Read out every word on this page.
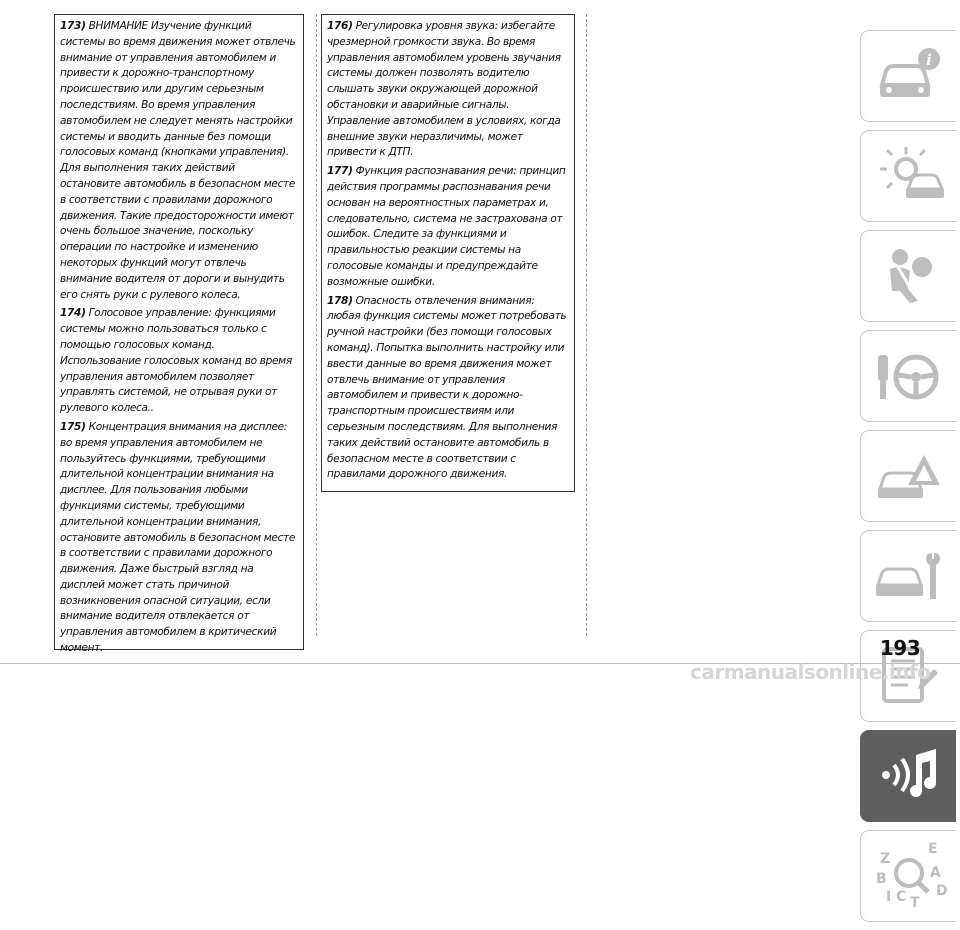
173) ВНИМАНИЕ Изучение функций системы во время движения может отвлечь внимание от управления автомобилем и привести к дорожно-транспортному происшествию или другим серьезным последствиям. Во время управления автомобилем не следует менять настройки системы и вводить данные без помощи голосовых команд (кнопками управления). Для выполнения таких действий остановите автомобиль в безопасном месте в соответствии с правилами дорожного движения. Такие предосторожности имеют очень большое значение, поскольку операции по настройке и изменению некоторых функций могут отвлечь внимание водителя от дороги и вынудить его снять руки с рулевого колеса.

174) Голосовое управление: функциями системы можно пользоваться только с помощью голосовых команд. Использование голосовых команд во время управления автомобилем позволяет управлять системой, не отрывая руки от рулевого колеса..

175) Концентрация внимания на дисплее: во время управления автомобилем не пользуйтесь функциями, требующими длительной концентрации внимания на дисплее. Для пользования любыми функциями системы, требующими длительной концентрации внимания, остановите автомобиль в безопасном месте в соответствии с правилами дорожного движения. Даже быстрый взгляд на дисплей может стать причиной возникновения опасной ситуации, если внимание водителя отвлекается от управления автомобилем в критический момент.

176) Регулировка уровня звука: избегайте чрезмерной громкости звука. Во время управления автомобилем уровень звучания системы должен позволять водителю слышать звуки окружающей дорожной обстановки и аварийные сигналы. Управление автомобилем в условиях, когда внешние звуки неразличимы, может привести к ДТП.

177) Функция распознавания речи: принцип действия программы распознавания речи основан на вероятностных параметрах и, следовательно, система не застрахована от ошибок. Следите за функциями и правильностью реакции системы на голосовые команды и предупреждайте возможные ошибки.

178) Опасность отвлечения внимания: любая функция системы может потребовать ручной настройки (без помощи голосовых команд). Попытка выполнить настройку или ввести данные во время движения может отвлечь внимание от управления автомобилем и привести к дорожно-транспортным происшествиям или серьезным последствиям. Для выполнения таких действий остановите автомобиль в безопасном месте в соответствии с правилами дорожного движения.

i
Z
E
A
B
D
I C T
193
carmanualsonline.info
